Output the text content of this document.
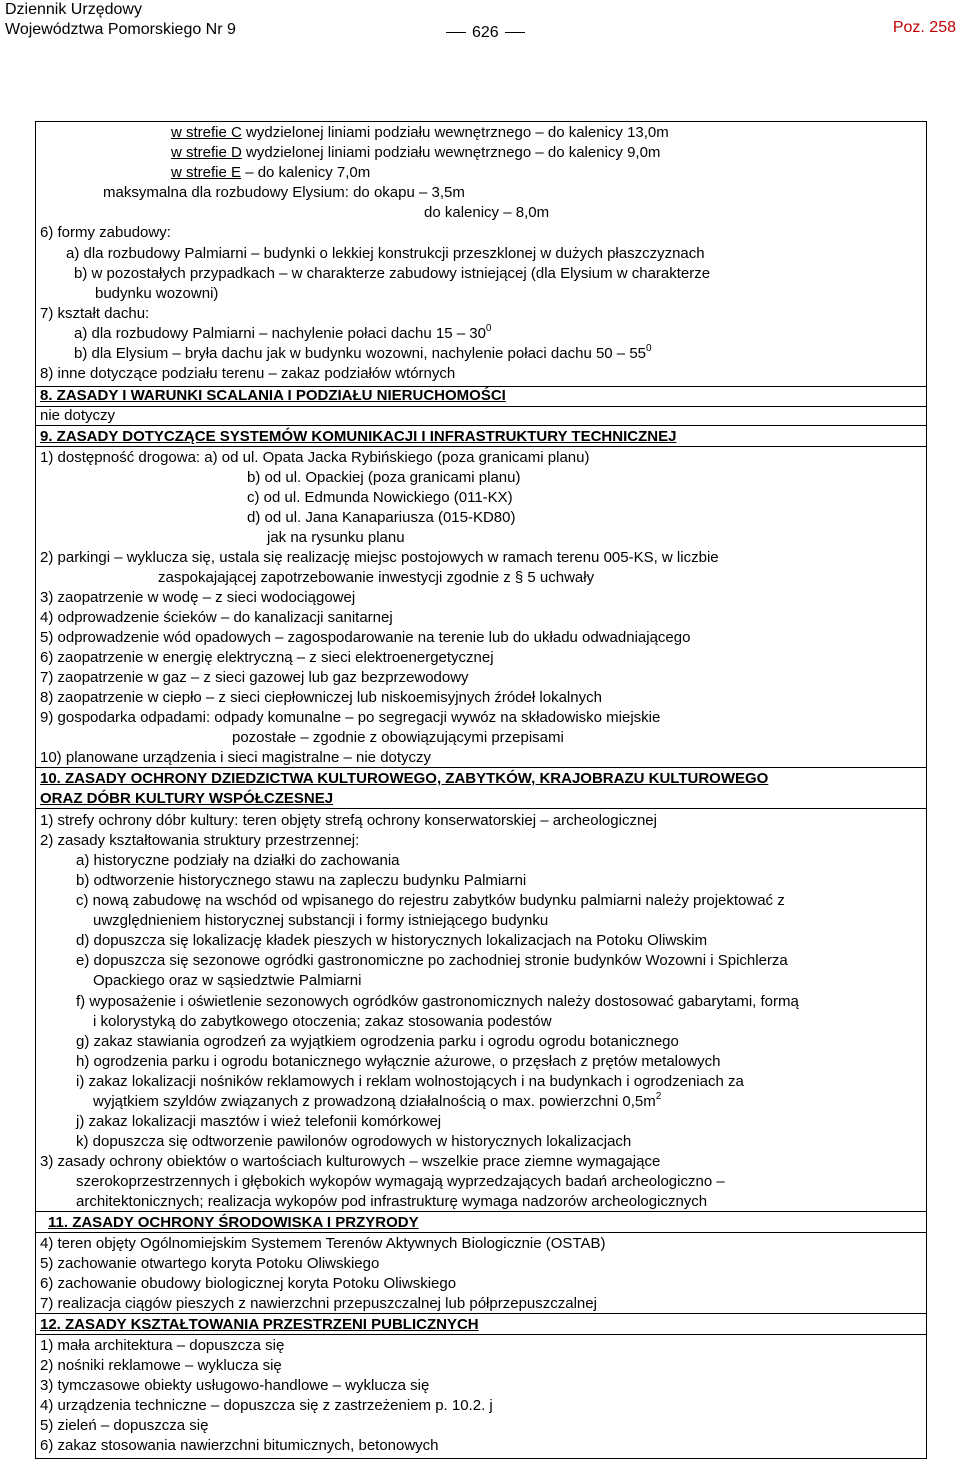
Dziennik Urzędowy
Województwa Pomorskiego Nr 9	626	Poz. 258
w strefie C wydzielonej liniami podziału wewnętrznego – do kalenicy 13,0m
w strefie D wydzielonej liniami podziału wewnętrznego – do kalenicy 9,0m
w strefie E – do kalenicy 7,0m
maksymalna dla rozbudowy Elysium: do okapu – 3,5m
do kalenicy – 8,0m
6) formy zabudowy:
a) dla rozbudowy Palmiarni – budynki o lekkiej konstrukcji przeszklonej w dużych płaszczyznach
b) w pozostałych przypadkach – w charakterze zabudowy istniejącej (dla Elysium w charakterze
budynku wozowni)
7) kształt dachu:
a) dla rozbudowy Palmiarni – nachylenie połaci dachu $15 - 30^0$
b) dla Elysium – bryła dachu jak w budynku wozowni, nachylenie połaci dachu $50 - 55^0$
8) inne dotyczące podziału terenu – zakaz podziałów wtórnych
8. ZASADY I WARUNKI SCALANIA I PODZIAŁU NIERUCHOMOŚCI
nie dotyczy
9. ZASADY DOTYCZĄCE SYSTEMÓW KOMUNIKACJI I INFRASTRUKTURY TECHNICZNEJ
1) dostępność drogowa: a) od ul. Opata Jacka Rybińskiego (poza granicami planu)
b) od ul. Opackiej (poza granicami planu)
c) od ul. Edmunda Nowickiego (011-KX)
d) od ul. Jana Kanapariusza (015-KD80)
jak na rysunku planu
2) parkingi – wyklucza się, ustala się realizację miejsc postojowych w ramach terenu 005-KS, w liczbie
zaspokajającej zapotrzebowanie inwestycji zgodnie z § 5 uchwały
3) zaopatrzenie w wodę – z sieci wodociągowej
4) odprowadzenie ścieków – do kanalizacji sanitarnej
5) odprowadzenie wód opadowych – zagospodarowanie na terenie lub do układu odwadniającego
6) zaopatrzenie w energię elektryczną – z sieci elektroenergetycznej
7) zaopatrzenie w gaz – z sieci gazowej lub gaz bezprzewodowy
8) zaopatrzenie w ciepło – z sieci ciepłowniczej lub niskoemisyjnych źródeł lokalnych
9) gospodarka odpadami: odpady komunalne – po segregacji wywóz na składowisko miejskie
pozostałe – zgodnie z obowiązującymi przepisami
10) planowane urządzenia i sieci magistralne – nie dotyczy
10. ZASADY OCHRONY DZIEDZICTWA KULTUROWEGO, ZABYTKÓW, KRAJOBRAZU KULTUROWEGO
ORAZ DÓBR KULTURY WSPÓŁCZESNEJ
1) strefy ochrony dóbr kultury: teren objęty strefą ochrony konserwatorskiej – archeologicznej
2) zasady kształtowania struktury przestrzennej:
a) historyczne podziały na działki do zachowania
b) odtworzenie historycznego stawu na zapleczu budynku Palmiarni
c) nową zabudowę na wschód od wpisanego do rejestru zabytków budynku palmiarni należy projektować z
uwzględnieniem historycznej substancji i formy istniejącego budynku
d) dopuszcza się lokalizację kładek pieszych w historycznych lokalizacjach na Potoku Oliwskim
e) dopuszcza się sezonowe ogródki gastronomiczne po zachodniej stronie budynków Wozowni i Spichlerza
Opackiego oraz w sąsiedztwie Palmiarni
f) wyposażenie i oświetlenie sezonowych ogródków gastronomicznych należy dostosować gabarytami, formą
i kolorystyką do zabytkowego otoczenia; zakaz stosowania podestów
g) zakaz stawiania ogrodzeń za wyjątkiem ogrodzenia parku i ogrodu ogrodu botanicznego
h) ogrodzenia parku i ogrodu botanicznego wyłącznie ażurowe, o przęsłach z prętów metalowych
i) zakaz lokalizacji nośników reklamowych i reklam wolnostojących i na budynkach i ogrodzeniach za
wyjątkiem szyldów związanych z prowadzoną działalnością o max. powierzchni $0,5m^2$
j) zakaz lokalizacji masztów i wież telefonii komórkowej
k) dopuszcza się odtworzenie pawilonów ogrodowych w historycznych lokalizacjach
3) zasady ochrony obiektów o wartościach kulturowych – wszelkie prace ziemne wymagające
szerokoprzestrzennych i głębokich wykopów wymagają wyprzedzających badań archeologiczno –
architektonicznych; realizacja wykopów pod infrastrukturę wymaga nadzorów archeologicznych
11. ZASADY OCHRONY ŚRODOWISKA I PRZYRODY
4) teren objęty Ogólnomiejskim Systemem Terenów Aktywnych Biologicznie (OSTAB)
5) zachowanie otwartego koryta Potoku Oliwskiego
6) zachowanie obudowy biologicznej koryta Potoku Oliwskiego
7) realizacja ciągów pieszych z nawierzchni przepuszczalnej lub półprzepuszczalnej
12. ZASADY KSZTAŁTOWANIA PRZESTRZENI PUBLICZNYCH
1) mała architektura – dopuszcza się
2) nośniki reklamowe – wyklucza się
3) tymczasowe obiekty usługowo-handlowe – wyklucza się
4) urządzenia techniczne – dopuszcza się z zastrzeżeniem p. 10.2. j
5) zieleń – dopuszcza się
6) zakaz stosowania nawierzchni bitumicznych, betonowych
